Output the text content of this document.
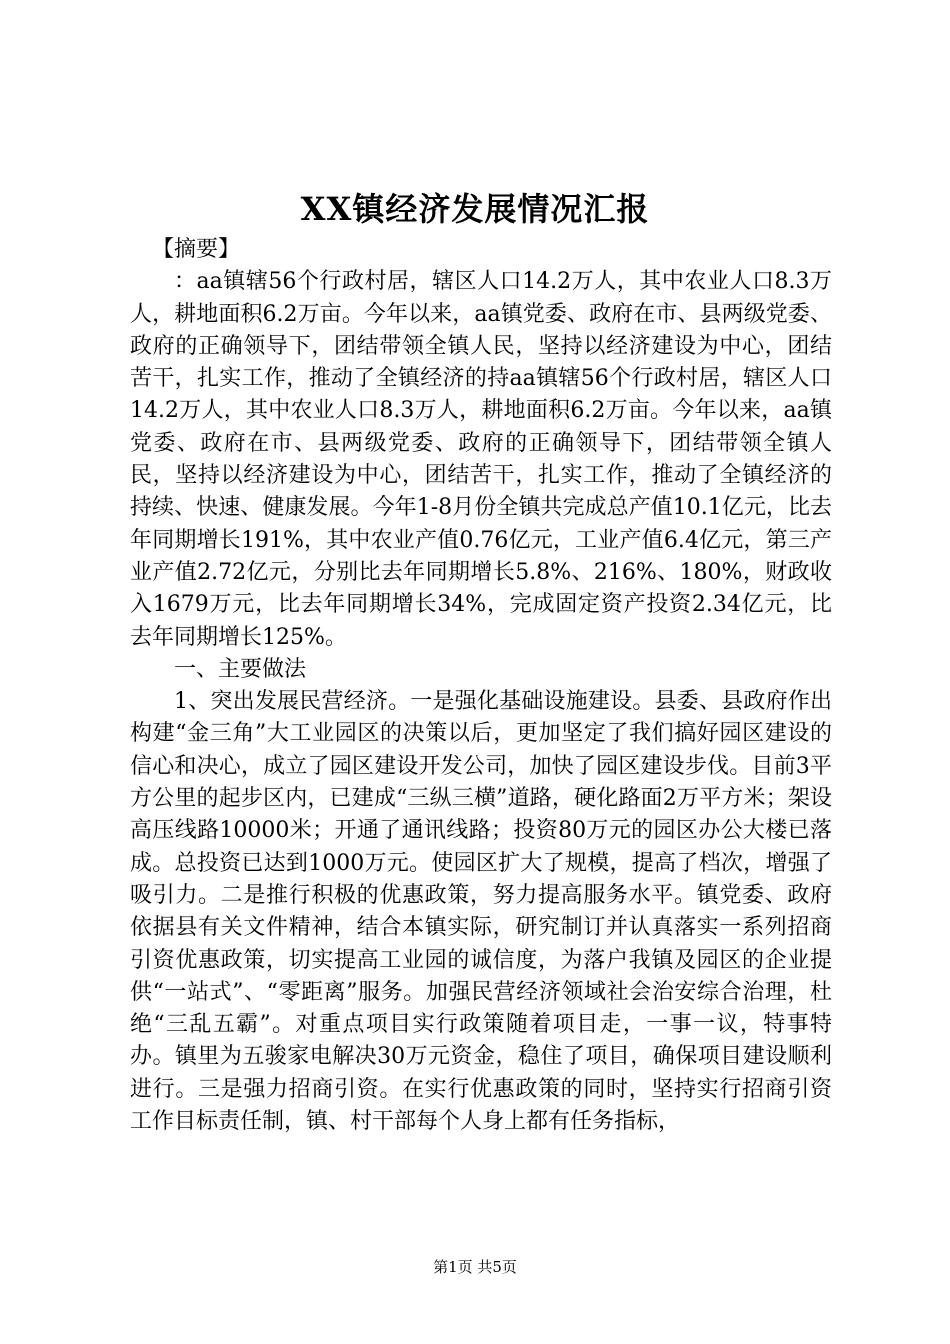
XX镇经济发展情况汇报

【摘要】

：aa镇辖56个行政村居，辖区人口14.2万人，其中农业人口8.3万人，耕地面积6.2万亩。今年以来，aa镇党委、政府在市、县两级党委、政府的正确领导下，团结带领全镇人民，坚持以经济建设为中心，团结苦干，扎实工作，推动了全镇经济的持aa镇辖56个行政村居，辖区人口14.2万人，其中农业人口8.3万人，耕地面积6.2万亩。今年以来，aa镇党委、政府在市、县两级党委、政府的正确领导下，团结带领全镇人民，坚持以经济建设为中心，团结苦干，扎实工作，推动了全镇经济的持续、快速、健康发展。今年1-8月份全镇共完成总产值10.1亿元，比去年同期增长191%，其中农业产值0.76亿元，工业产值6.4亿元，第三产业产值2.72亿元，分别比去年同期增长5.8%、216%、180%，财政收入1679万元，比去年同期增长34%，完成固定资产投资2.34亿元，比去年同期增长125%。

一、主要做法

1、突出发展民营经济。一是强化基础设施建设。县委、县政府作出构建“金三角”大工业园区的决策以后，更加坚定了我们搞好园区建设的信心和决心，成立了园区建设开发公司，加快了园区建设步伐。目前3平方公里的起步区内，已建成“三纵三横”道路，硬化路面2万平方米；架设高压线路10000米；开通了通讯线路；投资80万元的园区办公大楼已落成。总投资已达到1000万元。使园区扩大了规模，提高了档次，增强了吸引力。二是推行积极的优惠政策，努力提高服务水平。镇党委、政府依据县有关文件精神，结合本镇实际，研究制订并认真落实一系列招商引资优惠政策，切实提高工业园的诚信度，为落户我镇及园区的企业提供“一站式”、“零距离”服务。加强民营经济领域社会治安综合治理，杜绝“三乱五霸”。对重点项目实行政策随着项目走，一事一议，特事特办。镇里为五骏家电解决30万元资金，稳住了项目，确保项目建设顺利进行。三是强力招商引资。在实行优惠政策的同时，坚持实行招商引资工作目标责任制，镇、村干部每个人身上都有任务指标，

第1页 共5页
